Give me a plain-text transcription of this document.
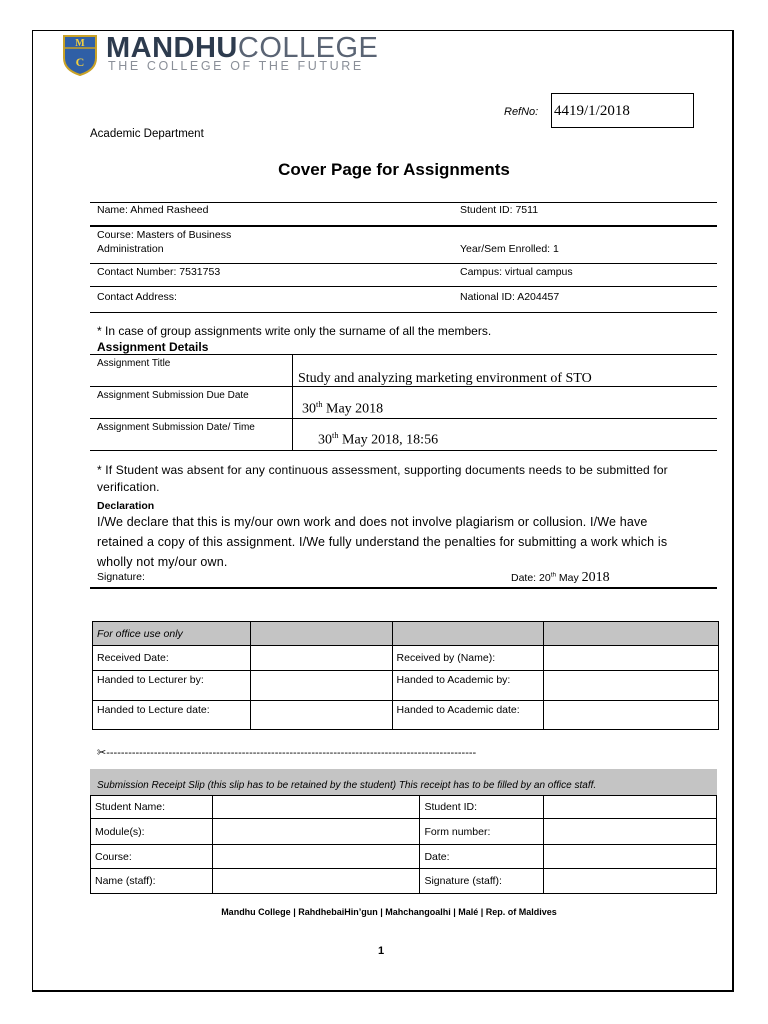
M
C MANDHUCOLLEGE
THE COLLEGE OF THE FUTURE
RefNo: 4419/1/2018
Academic Department
Cover Page for Assignments
Name: Ahmed Rasheed	Student ID: 7511
Course: Masters of Business
Administration	Year/Sem Enrolled: 1
Contact Number: 7531753	Campus: virtual campus
Contact Address:	National ID: A204457
* In case of group assignments write only the surname of all the members.
Assignment Details
Assignment Title
Study and analyzing marketing environment of STO
Assignment Submission Due Date
30th May 2018
Assignment Submission Date/ Time
30th May 2018, 18:56
* If Student was absent for any continuous assessment, supporting documents needs to be submitted for verification.
Declaration
I/We declare that this is my/our own work and does not involve plagiarism or collusion. I/We have retained a copy of this assignment. I/We fully understand the penalties for submitting a work which is wholly not my/our own.
Signature:	Date: 20th May 2018
For office use only			
Received Date:		Received by (Name):	
Handed to Lecturer by:		Handed to Academic by:	
Handed to Lecture date:		Handed to Academic date:	
✂-----------------------------------------------------------------------------------------------------
Submission Receipt Slip (this slip has to be retained by the student) This receipt has to be filled by an office staff.
Student Name:		Student ID:	
Module(s):		Form number:	
Course:		Date:	
Name (staff):		Signature (staff):	
Mandhu College | RahdhebaiHin’gun | Mahchangoalhi | Malé | Rep. of Maldives
1
